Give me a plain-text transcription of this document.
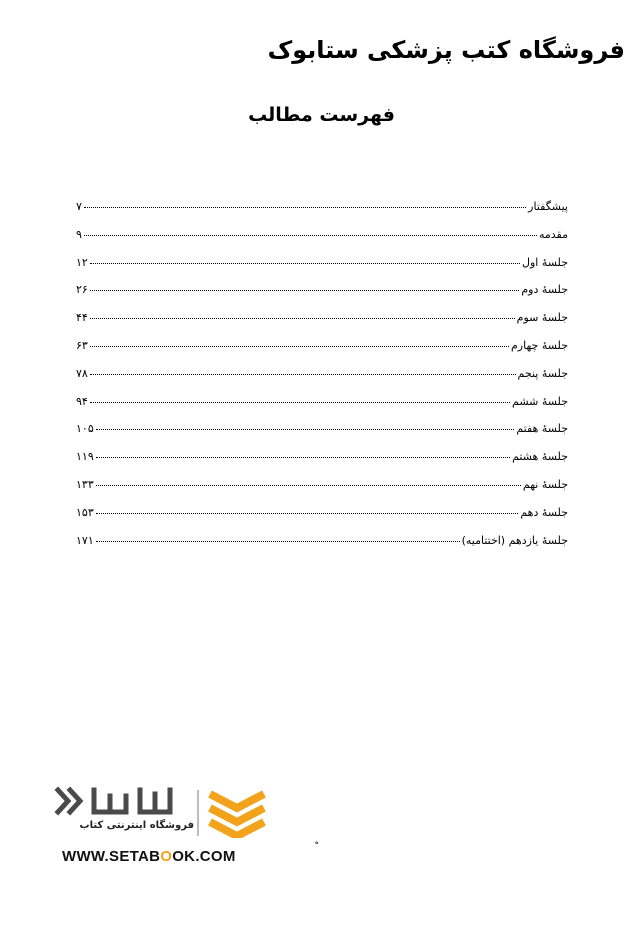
فروشگاه کتب پزشکی ستابوک
فهرست مطالب
پیشگفتار
۷
مقدمه
۹
جلسهٔ اول
۱۲
جلسهٔ دوم
۲۶
جلسهٔ سوم
۴۴
جلسهٔ چهارم
۶۳
جلسهٔ پنجم
۷۸
جلسهٔ ششم
۹۴
جلسهٔ هفتم
۱۰۵
جلسهٔ هشتم
۱۱۹
جلسهٔ نهم
۱۳۳
جلسهٔ دهم
۱۵۳
جلسهٔ یازدهم (اختتامیه)
۱۷۱
فروشگاه اینترنتی کتاب
WWW.SETABOOK.COM
ه
